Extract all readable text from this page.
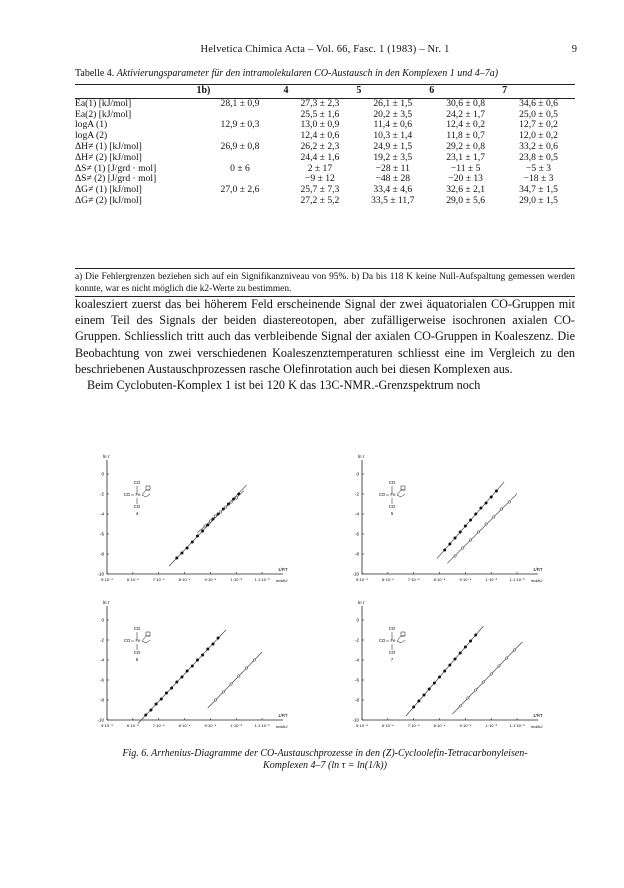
Helvetica Chimica Acta – Vol. 66, Fasc. 1 (1983) – Nr. 1	9
Tabelle 4. Aktivierungsparameter für den intramolekularen CO-Austausch in den Komplexen 1 und 4–7a)
	1b)	4	5	6	7
Ea(1) [kJ/mol]	28,1 ± 0,9	27,3 ± 2,3	26,1 ± 1,5	30,6 ± 0,8	34,6 ± 0,6
Ea(2) [kJ/mol]		25,5 ± 1,6	20,2 ± 3,5	24,2 ± 1,7	25,0 ± 0,5
logA (1)	12,9 ± 0,3	13,0 ± 0,9	11,4 ± 0,6	12,4 ± 0,2	12,7 ± 0,2
logA (2)		12,4 ± 0,6	10,3 ± 1,4	11,8 ± 0,7	12,0 ± 0,2
ΔH≠ (1) [kJ/mol]	26,9 ± 0,8	26,2 ± 2,3	24,9 ± 1,5	29,2 ± 0,8	33,2 ± 0,6
ΔH≠ (2) [kJ/mol]		24,4 ± 1,6	19,2 ± 3,5	23,1 ± 1,7	23,8 ± 0,5
ΔS≠ (1) [J/grd · mol]	0 ± 6	2 ± 17	−28 ± 11	−11 ± 5	−5 ± 3
ΔS≠ (2) [J/grd · mol]		−9 ± 12	−48 ± 28	−20 ± 13	−18 ± 3
ΔG≠ (1) [kJ/mol]	27,0 ± 2,6	25,7 ± 7,3	33,4 ± 4,6	32,6 ± 2,1	34,7 ± 1,5
ΔG≠ (2) [kJ/mol]		27,2 ± 5,2	33,5 ± 11,7	29,0 ± 5,6	29,0 ± 1,5
a) Die Fehlergrenzen beziehen sich auf ein Signifikanzniveau von 95%. b) Da bis 118 K keine Null-Aufspaltung gemessen werden konnte, war es nicht möglich die k2-Werte zu bestimmen.

koalesziert zuerst das bei höherem Feld erscheinende Signal der zwei äquatorialen CO-Gruppen mit einem Teil des Signals der beiden diastereotopen, aber zufälligerweise isochronen axialen CO-Gruppen. Schliesslich tritt auch das verbleibende Signal der axialen CO-Gruppen in Koaleszenz. Die Beobachtung von zwei verschiedenen Koaleszenztemperaturen schliesst eine im Vergleich zu den beschriebenen Austauschprozessen rasche Olefinrotation auch bei diesen Komplexen aus.

Beim Cyclobuten-Komplex 1 ist bei 120 K das 13C-NMR.-Grenzspektrum noch

ln τ
1/RT
mol/kJ
0
-2
-4
-6
-8
-10
5·10⁻⁴	6·10⁻⁴	7·10⁻⁴	8·10⁻⁴	9·10⁻⁴	1·10⁻³	1.1·10⁻³
CO
CO
CO
Fe
4
ln τ
1/RT
mol/kJ
0
-2
-4
-6
-8
-10
5·10⁻⁴	6·10⁻⁴	7·10⁻⁴	8·10⁻⁴	9·10⁻⁴	1·10⁻³	1.1·10⁻³
CO
CO
CO
Fe
5
ln τ
1/RT
mol/kJ
0
-2
-4
-6
-8
-10
5·10⁻⁴	6·10⁻⁴	7·10⁻⁴	8·10⁻⁴	9·10⁻⁴	1·10⁻³	1.1·10⁻³
CO
CO
CO
Fe
6
ln τ
1/RT
mol/kJ
0
-2
-4
-6
-8
-10
5·10⁻⁴	6·10⁻⁴	7·10⁻⁴	8·10⁻⁴	9·10⁻⁴	1·10⁻³	1.1·10⁻³
CO
CO
CO
Fe
7
Fig. 6. Arrhenius-Diagramme der CO-Austauschprozesse in den (Z)-Cycloolefin-Tetracarbonyleisen-
Komplexen 4–7 (ln τ = ln(1/k))
